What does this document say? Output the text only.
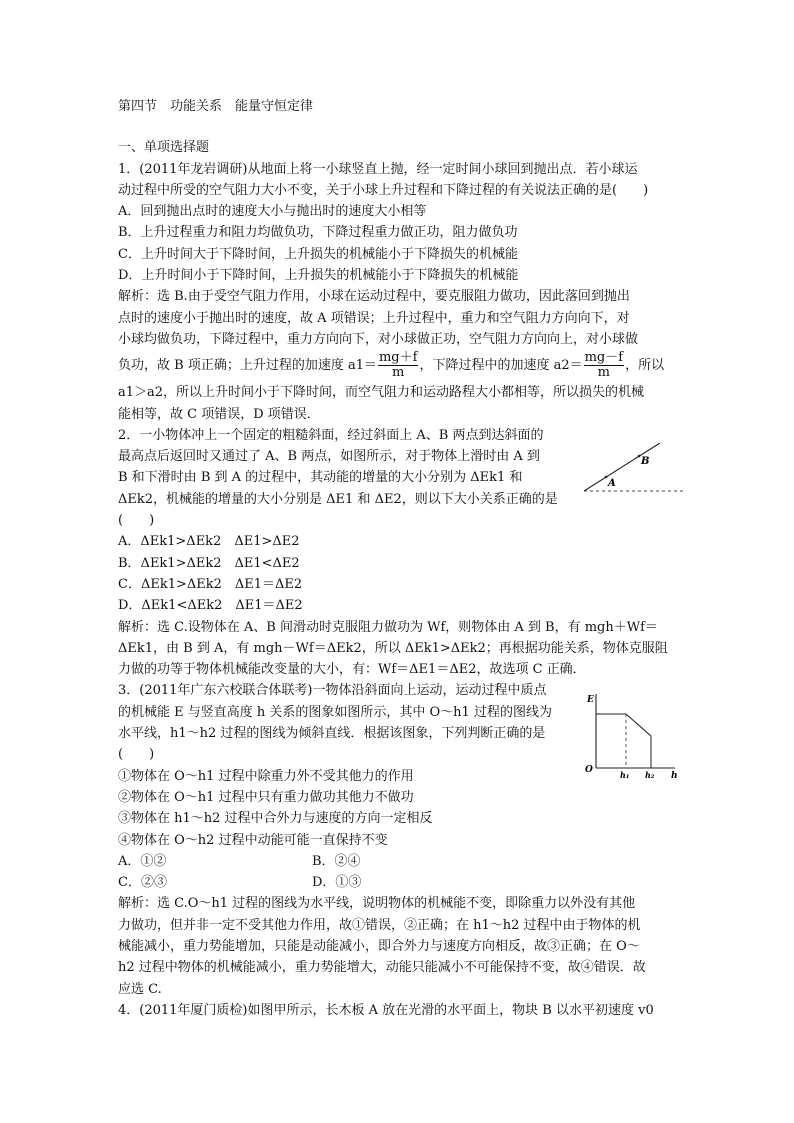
第四节　功能关系　能量守恒定律

一、单项选择题

1．(2011年龙岩调研)从地面上将一小球竖直上抛，经一定时间小球回到抛出点．若小球运

动过程中所受的空气阻力大小不变，关于小球上升过程和下降过程的有关说法正确的是(　　)

A．回到抛出点时的速度大小与抛出时的速度大小相等

B．上升过程重力和阻力均做负功，下降过程重力做正功，阻力做负功

C．上升时间大于下降时间，上升损失的机械能小于下降损失的机械能

D．上升时间小于下降时间，上升损失的机械能小于下降损失的机械能

解析：选 B.由于受空气阻力作用，小球在运动过程中，要克服阻力做功，因此落回到抛出

点时的速度小于抛出时的速度，故 A 项错误；上升过程中，重力和空气阻力方向向下，对

小球均做负功，下降过程中，重力方向向下，对小球做正功，空气阻力方向向上，对小球做

负功，故 B 项正确；上升过程的加速度 $a1= \frac{mg+f}{m}$ ，下降过程中的加速度 $a2= \frac{mg-f}{m}$ ，所以

a1＞a2，所以上升时间小于下降时间，而空气阻力和运动路程大小都相等，所以损失的机械

能相等，故 C 项错误，D 项错误．

2．一小物体冲上一个固定的粗糙斜面，经过斜面上 A、B 两点到达斜面的

最高点后返回时又通过了 A、B 两点，如图所示，对于物体上滑时由 A 到

B 和下滑时由 B 到 A 的过程中，其动能的增量的大小分别为 ΔEk1 和

ΔEk2，机械能的增量的大小分别是 ΔE1 和 ΔE2，则以下大小关系正确的是

(　　)

A．ΔEk1>ΔEk2　ΔE1>ΔE2

B．ΔEk1>ΔEk2　ΔE1<ΔE2

C．ΔEk1>ΔEk2　ΔE1＝ΔE2

D．ΔEk1<ΔEk2　ΔE1＝ΔE2

解析：选 C.设物体在 A、B 间滑动时克服阻力做功为 Wf，则物体由 A 到 B，有 mgh＋Wf＝

ΔEk1，由 B 到 A，有 mgh－Wf＝ΔEk2，所以 ΔEk1>ΔEk2；再根据功能关系，物体克服阻

力做的功等于物体机械能改变量的大小，有：Wf＝ΔE1＝ΔE2，故选项 C 正确．

3．(2011年广东六校联合体联考)一物体沿斜面向上运动，运动过程中质点

的机械能 E 与竖直高度 h 关系的图象如图所示，其中 O～h1 过程的图线为

水平线，h1～h2 过程的图线为倾斜直线．根据该图象，下列判断正确的是

(　　)

①物体在 O～h1 过程中除重力外不受其他力的作用

②物体在 O～h1 过程中只有重力做功其他力不做功

③物体在 h1～h2 过程中合外力与速度的方向一定相反

④物体在 O～h2 过程中动能可能一直保持不变

A．①②	B．②④

C．②③	D．①③

解析：选 C.O～h1 过程的图线为水平线，说明物体的机械能不变，即除重力以外没有其他

力做功，但并非一定不受其他力作用，故①错误，②正确；在 h1～h2 过程中由于物体的机

械能减小，重力势能增加，只能是动能减小，即合外力与速度方向相反，故③正确；在 O～

h2 过程中物体的机械能减小，重力势能增大，动能只能减小不可能保持不变，故④错误．故

应选 C.

4．(2011年厦门质检)如图甲所示，长木板 A 放在光滑的水平面上，物块 B 以水平初速度 v0

A
B
E
O	h₁ h₂ h
